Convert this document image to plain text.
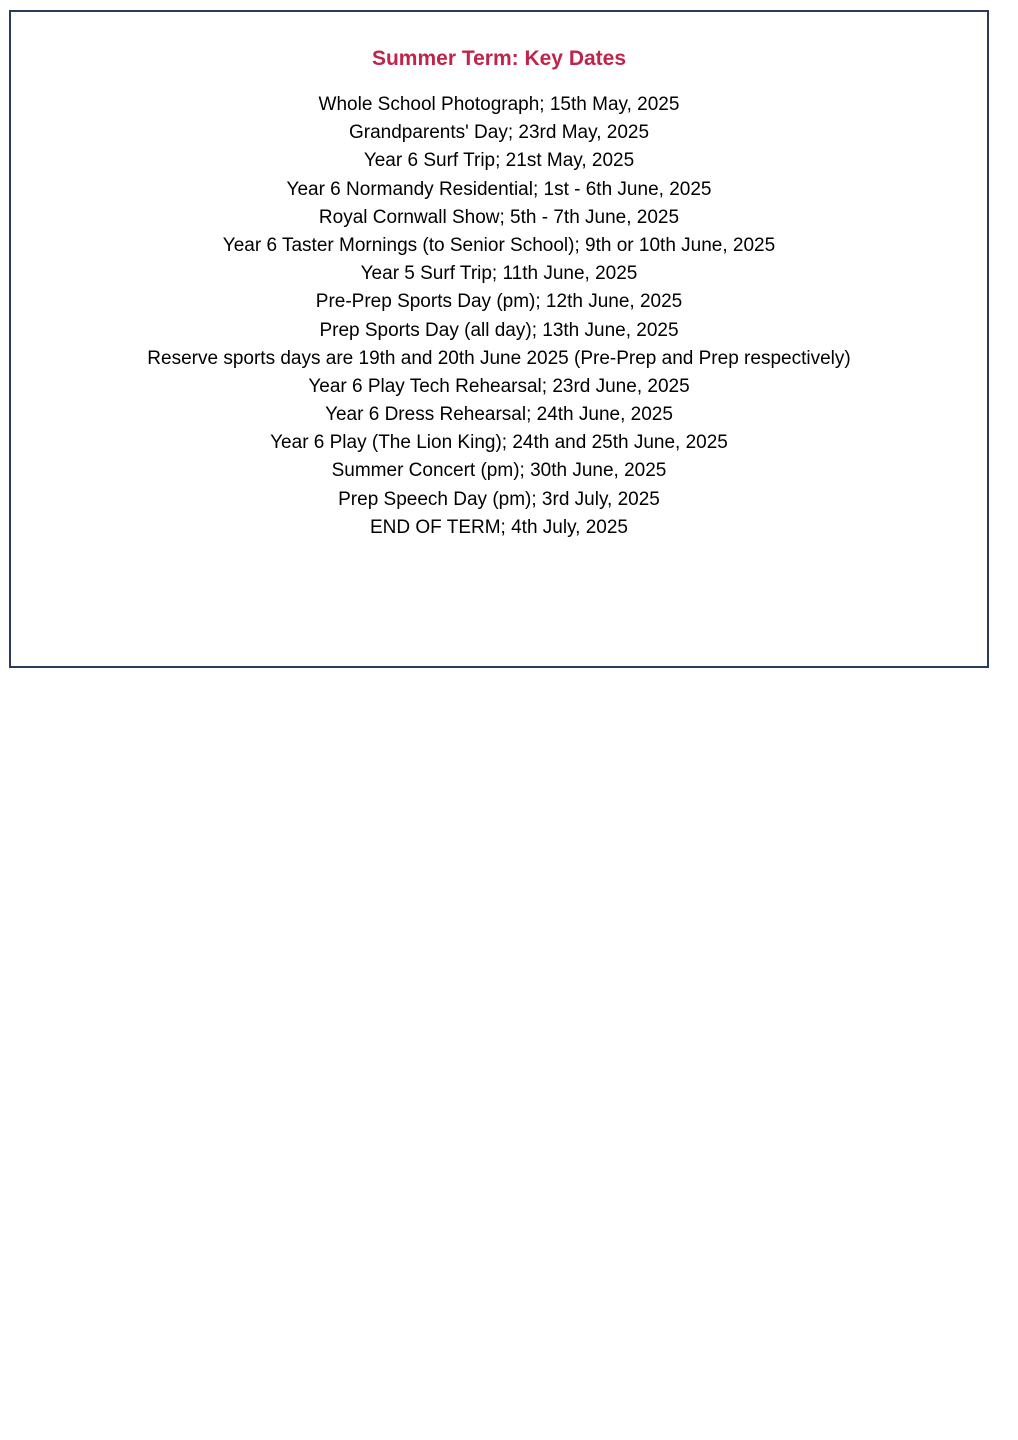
Summer Term: Key Dates
Whole School Photograph; 15th May, 2025
Grandparents' Day; 23rd May, 2025
Year 6 Surf Trip; 21st May, 2025
Year 6 Normandy Residential; 1st - 6th June, 2025
Royal Cornwall Show; 5th - 7th June, 2025
Year 6 Taster Mornings (to Senior School); 9th or 10th June, 2025
Year 5 Surf Trip; 11th June, 2025
Pre-Prep Sports Day (pm); 12th June, 2025
Prep Sports Day (all day); 13th June, 2025
Reserve sports days are 19th and 20th June 2025 (Pre-Prep and Prep respectively)
Year 6 Play Tech Rehearsal; 23rd June, 2025
Year 6 Dress Rehearsal; 24th June, 2025
Year 6 Play (The Lion King); 24th and 25th June, 2025
Summer Concert (pm); 30th June, 2025
Prep Speech Day (pm); 3rd July, 2025
END OF TERM; 4th July, 2025
